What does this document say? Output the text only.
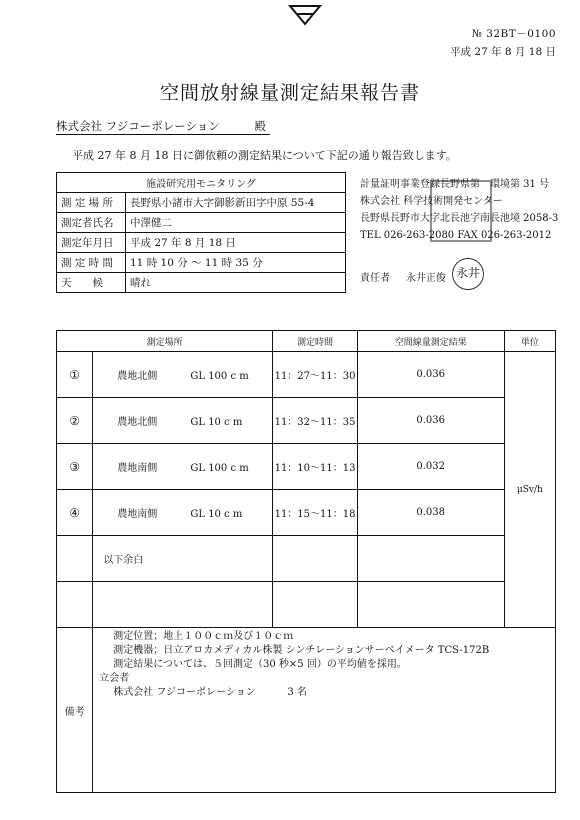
№ 32BT－0100
平成 27 年 8 月 18 日
空間放射線量測定結果報告書
株式会社 フジコーポレーション	殿
平成 27 年 8 月 18 日に御依頼の測定結果について下記の通り報告致します。
施設研究用モニタリング	
測 定 場 所	長野県小諸市大字御影新田字中原 55-4
測定者氏名	中澤健二
測定年月日	平成 27 年 8 月 18 日
測 定 時 間	11 時 10 分 ～ 11 時 35 分
天　　候	晴れ
計量証明事業登録長野県第　環境第 31 号
株式会社 科学技術開発センター
長野県長野市大字北長池字南長池境 2058-3
TEL 026-263-2080 FAX 026-263-2012
責任者 永井正俊 永井
測定場所		測定時間	空間線量測定結果	単位
①	農地北側 GL 100 c m	11：27～11：30	0.036	μSv/h
②	農地北側 GL 10 c m	11：32～11：35	0.036	
③	農地南側 GL 100 c m	11：10～11：13	0.032	
④	農地南側 GL 10 c m	11：15～11：18	0.038	
	以下余白			

備考	測定位置；地上１００ｃｍ及び１０ｃｍ
測定機器；日立アロカメディカル株製 シンチレーションサーベイメータ TCS-172B
測定結果については、５回測定（30 秒×5 回）の平均値を採用。
立会者
株式会社 フジコーポレーション 3 名			
